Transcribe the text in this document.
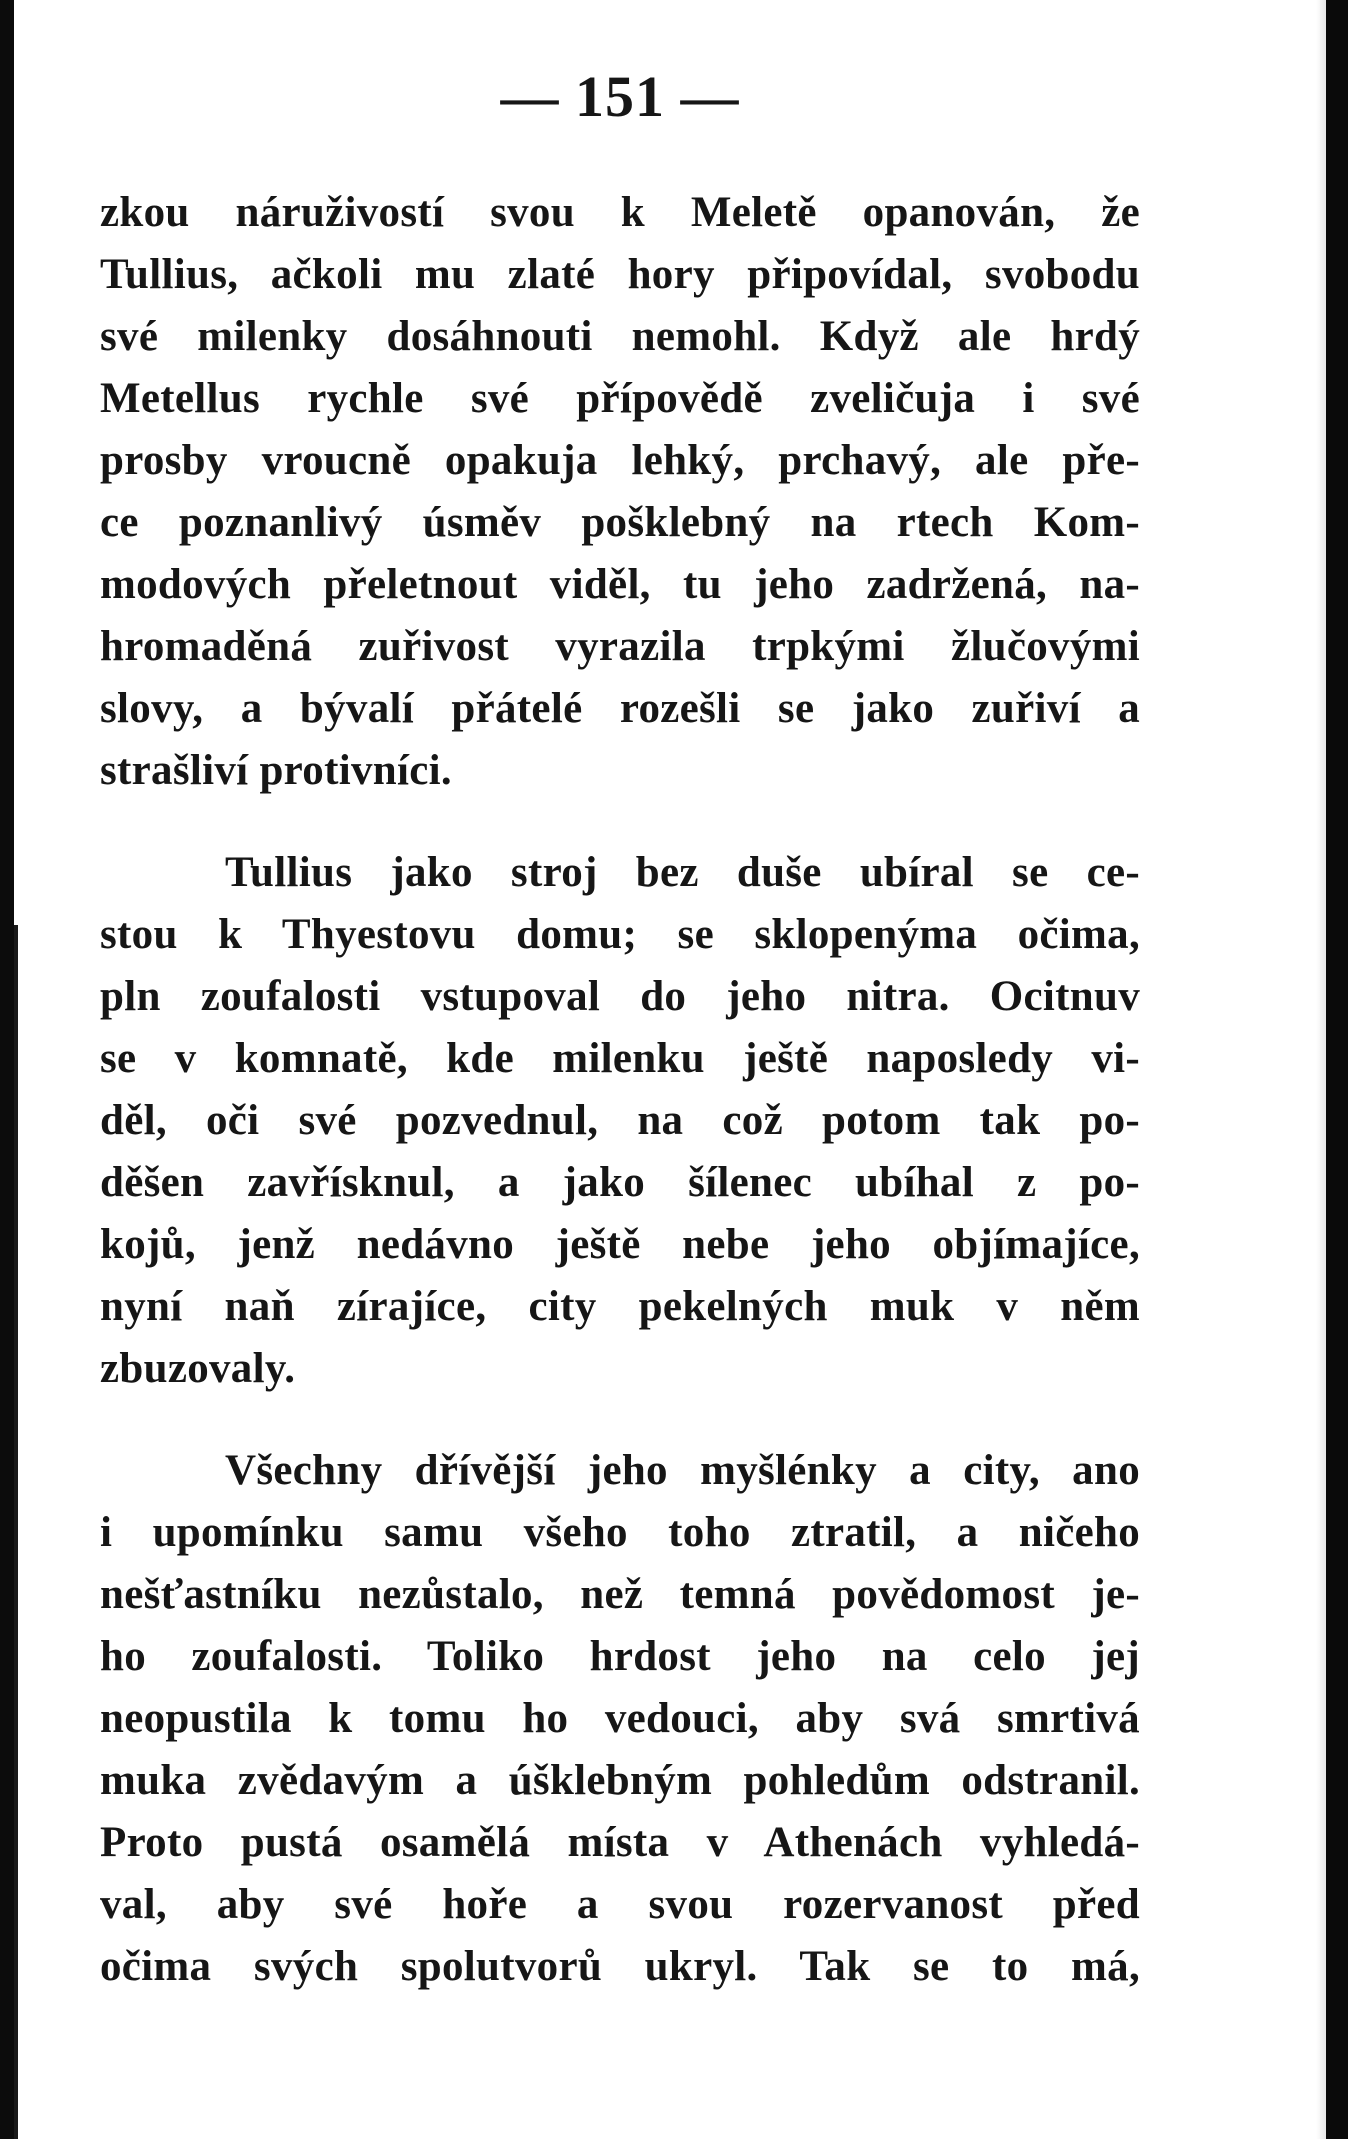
— 151 —

zkou náruživostí svou k Meletě opanován, že
Tullius, ačkoli mu zlaté hory připovídal, svobodu
své milenky dosáhnouti nemohl. Když ale hrdý
Metellus rychle své přípovědě zveličuja i své
prosby vroucně opakuja lehký, prchavý, ale pře-
ce poznanlivý úsměv pošklebný na rtech Kom-
modových přeletnout viděl, tu jeho zadržená, na-
hromaděná zuřivost vyrazila trpkými žlučovými
slovy, a bývalí přátelé rozešli se jako zuřiví a
strašliví protivníci.

Tullius jako stroj bez duše ubíral se ce-
stou k Thyestovu domu; se sklopenýma očima,
pln zoufalosti vstupoval do jeho nitra. Ocitnuv
se v komnatě, kde milenku ještě naposledy vi-
děl, oči své pozvednul, na což potom tak po-
děšen zavřísknul, a jako šílenec ubíhal z po-
kojů, jenž nedávno ještě nebe jeho objímajíce,
nyní naň zírajíce, city pekelných muk v něm
zbuzovaly.

Všechny dřívější jeho myšlénky a city, ano
i upomínku samu všeho toho ztratil, a ničeho
nešťastníku nezůstalo, než temná povědomost je-
ho zoufalosti. Toliko hrdost jeho na celo jej
neopustila k tomu ho vedouci, aby svá smrtivá
muka zvědavým a úšklebným pohledům odstranil.
Proto pustá osamělá místa v Athenách vyhledá-
val, aby své hoře a svou rozervanost před
očima svých spolutvorů ukryl. Tak se to má,
